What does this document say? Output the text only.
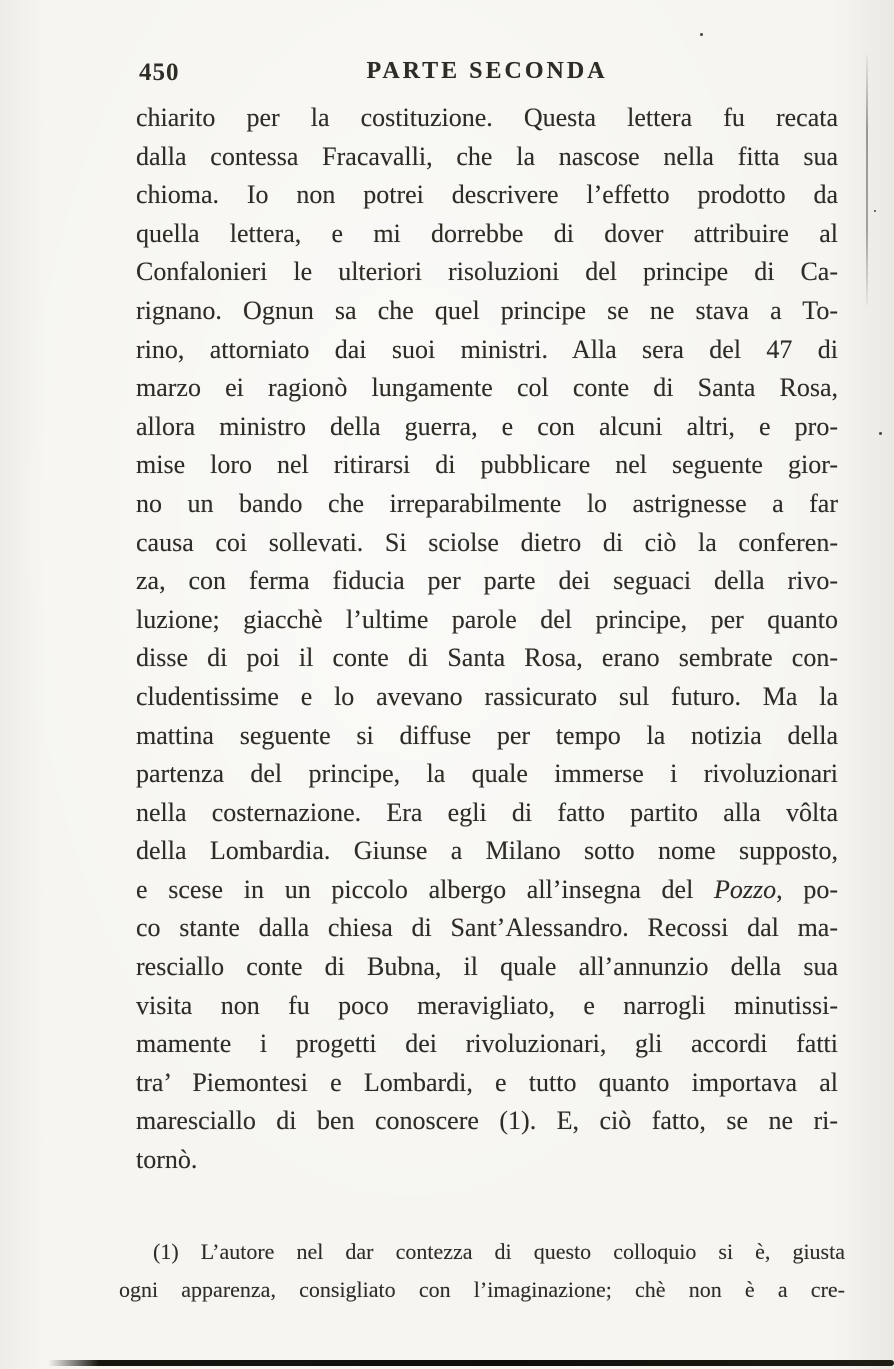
450	PARTE SECONDA
chiarito per la costituzione. Questa lettera fu recata
dalla contessa Fracavalli, che la nascose nella fitta sua
chioma. Io non potrei descrivere l’effetto prodotto da
quella lettera, e mi dorrebbe di dover attribuire al
Confalonieri le ulteriori risoluzioni del principe di Ca-
rignano. Ognun sa che quel principe se ne stava a To-
rino, attorniato dai suoi ministri. Alla sera del 47 di
marzo ei ragionò lungamente col conte di Santa Rosa,
allora ministro della guerra, e con alcuni altri, e pro-
mise loro nel ritirarsi di pubblicare nel seguente gior-
no un bando che irreparabilmente lo astrignesse a far
causa coi sollevati. Si sciolse dietro di ciò la conferen-
za, con ferma fiducia per parte dei seguaci della rivo-
luzione; giacchè l’ultime parole del principe, per quanto
disse di poi il conte di Santa Rosa, erano sembrate con-
cludentissime e lo avevano rassicurato sul futuro. Ma la
mattina seguente si diffuse per tempo la notizia della
partenza del principe, la quale immerse i rivoluzionari
nella costernazione. Era egli di fatto partito alla vôlta
della Lombardia. Giunse a Milano sotto nome supposto,
e scese in un piccolo albergo all’insegna del Pozzo, po-
co stante dalla chiesa di Sant’Alessandro. Recossi dal ma-
resciallo conte di Bubna, il quale all’annunzio della sua
visita non fu poco meravigliato, e narrogli minutissi-
mamente i progetti dei rivoluzionari, gli accordi fatti
tra’ Piemontesi e Lombardi, e tutto quanto importava al
maresciallo di ben conoscere (1). E, ciò fatto, se ne ri-
tornò.
(1) L’autore nel dar contezza di questo colloquio si è, giusta
ogni apparenza, consigliato con l’imaginazione; chè non è a cre-
